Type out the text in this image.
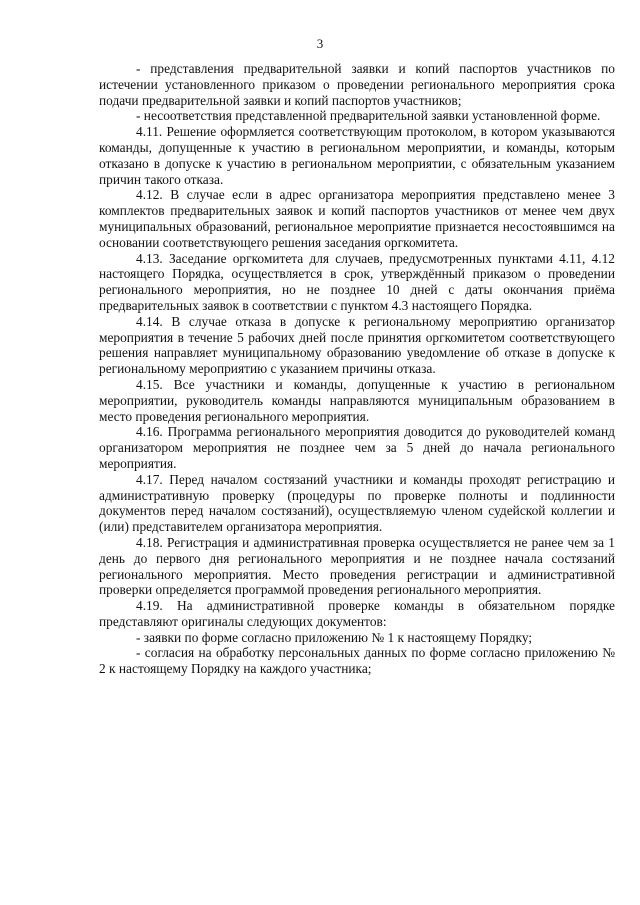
3

- представления предварительной заявки и копий паспортов участников по истечении установленного приказом о проведении регионального мероприятия срока подачи предварительной заявки и копий паспортов участников;

- несоответствия представленной предварительной заявки установленной форме.

4.11. Решение оформляется соответствующим протоколом, в котором указываются команды, допущенные к участию в региональном мероприятии, и команды, которым отказано в допуске к участию в региональном мероприятии, с обязательным указанием причин такого отказа.

4.12. В случае если в адрес организатора мероприятия представлено менее 3 комплектов предварительных заявок и копий паспортов участников от менее чем двух муниципальных образований, региональное мероприятие признается несостоявшимся на основании соответствующего решения заседания оргкомитета.

4.13. Заседание оргкомитета для случаев, предусмотренных пунктами 4.11, 4.12 настоящего Порядка, осуществляется в срок, утверждённый приказом о проведении регионального мероприятия, но не позднее 10 дней с даты окончания приёма предварительных заявок в соответствии с пунктом 4.3 настоящего Порядка.

4.14. В случае отказа в допуске к региональному мероприятию организатор мероприятия в течение 5 рабочих дней после принятия оргкомитетом соответствующего решения направляет муниципальному образованию уведомление об отказе в допуске к региональному мероприятию с указанием причины отказа.

4.15. Все участники и команды, допущенные к участию в региональном мероприятии, руководитель команды направляются муниципальным образованием в место проведения регионального мероприятия.

4.16. Программа регионального мероприятия доводится до руководителей команд организатором мероприятия не позднее чем за 5 дней до начала регионального мероприятия.

4.17. Перед началом состязаний участники и команды проходят регистрацию и административную проверку (процедуры по проверке полноты и подлинности документов перед началом состязаний), осуществляемую членом судейской коллегии и (или) представителем организатора мероприятия.

4.18. Регистрация и административная проверка осуществляется не ранее чем за 1 день до первого дня регионального мероприятия и не позднее начала состязаний регионального мероприятия. Место проведения регистрации и административной проверки определяется программой проведения регионального мероприятия.

4.19. На административной проверке команды в обязательном порядке представляют оригиналы следующих документов:

- заявки по форме согласно приложению № 1 к настоящему Порядку;

- согласия на обработку персональных данных по форме согласно приложению № 2 к настоящему Порядку на каждого участника;
